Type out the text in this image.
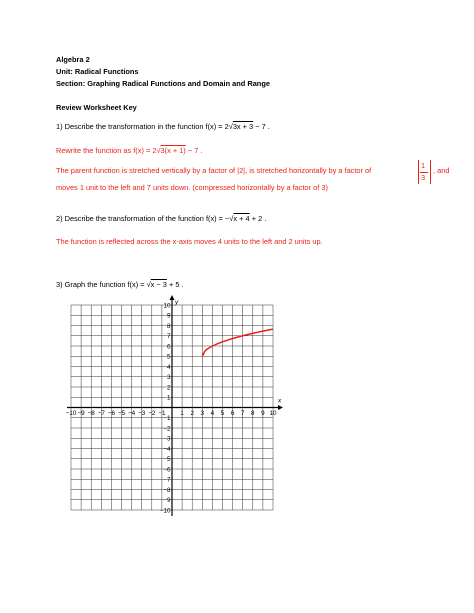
Algebra 2
Unit: Radical Functions
Section: Graphing Radical Functions and Domain and Range
Review Worksheet Key
1) Describe the transformation in the function f(x) = 2√3x + 3 − 7 .
Rewrite the function as f(x) = 2√3(x + 1) − 7 .
The parent function is stretched vertically by a factor of |2|, is stretched horizontally by a factor of
1
3
, and
moves 1 unit to the left and 7 units down. (compressed horizontally by a factor of 3)
2) Describe the transformation of the function f(x) = −√x + 4 + 2 .
The function is reflected across the x-axis moves 4 units to the left and 2 units up.
3) Graph the function f(x) = √x − 3 + 5 .
x
y
−10 −9 −8 −7 −6 −5 −4 −3 −2 −1 1 2 3 4 5 6 7 8 9 10
−10
−9
−8
−7
−6
−5
−4
−3
−2
−1
1
2
3
4
5
6
7
8
9
10
